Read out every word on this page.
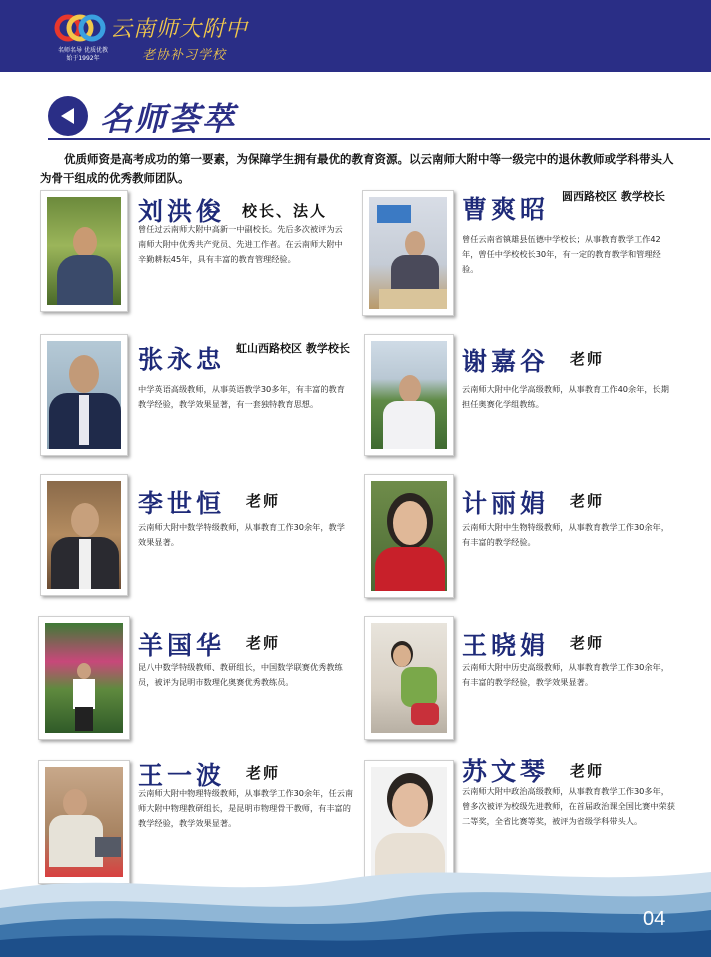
名师名导 优质优教
始于1992年
云南师大附中
老协补习学校
名师荟萃
优质师资是高考成功的第一要素，为保障学生拥有最优的教育资源。以云南师大附中等一级完中的退休教师或学科带头人为骨干组成的优秀教师团队。
刘洪俊 校长、法人
曾任过云南师大附中高新一中副校长。先后多次被评为云南师大附中优秀共产党员、先进工作者。在云南师大附中辛勤耕耘45年，具有丰富的教育管理经验。
曹爽昭 圆西路校区 教学校长
曾任云南省镇雄县伍德中学校长；从事教育教学工作42年，曾任中学校校长30年，有一定的教育教学和管理经验。
张永忠 虹山西路校区 教学校长
中学英语高级教师，从事英语教学30多年，有丰富的教育教学经验，教学效果显著，有一套独特教育思想。
谢嘉谷 老师
云南师大附中化学高级教师，从事教育工作40余年，长期担任奥赛化学组教练。
李世恒 老师
云南师大附中数学特级教师，从事教育工作30余年，教学效果显著。
计丽娟 老师
云南师大附中生物特级教师，从事教育教学工作30余年，有丰富的教学经验。
羊国华 老师
昆八中数学特级教师、教研组长，中国数学联赛优秀教练员，被评为昆明市数理化奥赛优秀教练员。
王晓娟 老师
云南师大附中历史高级教师，从事教育教学工作30余年，有丰富的教学经验，教学效果显著。
王一波 老师
云南师大附中物理特级教师，从事教学工作30余年，任云南师大附中物理教研组长，是昆明市物理骨干教师，有丰富的教学经验，教学效果显著。
苏文琴 老师
云南师大附中政治高级教师，从事教育教学工作30多年，曾多次被评为校级先进教师，在首届政治课全国比赛中荣获二等奖，全省比赛等奖，被评为省级学科带头人。
04
